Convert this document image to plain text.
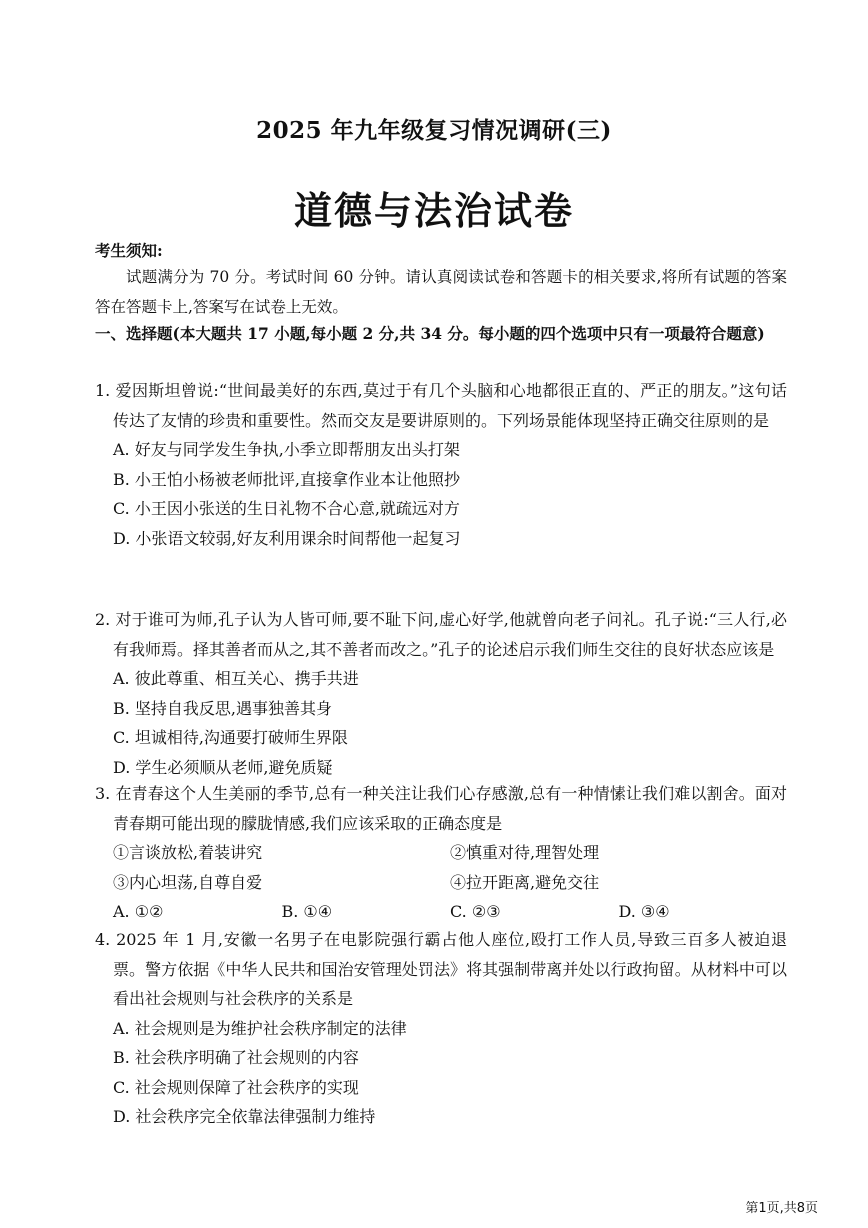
2025 年九年级复习情况调研(三)
道德与法治试卷
考生须知:
试题满分为 70 分。考试时间 60 分钟。请认真阅读试卷和答题卡的相关要求,将所有试题的答案答在答题卡上,答案写在试卷上无效。
一、选择题(本大题共 17 小题,每小题 2 分,共 34 分。每小题的四个选项中只有一项最符合题意)

1. 爱因斯坦曾说:“世间最美好的东西,莫过于有几个头脑和心地都很正直的、严正的朋友。”这句话传达了友情的珍贵和重要性。然而交友是要讲原则的。下列场景能体现坚持正确交往原则的是

A. 好友与同学发生争执,小季立即帮朋友出头打架

B. 小王怕小杨被老师批评,直接拿作业本让他照抄

C. 小王因小张送的生日礼物不合心意,就疏远对方

D. 小张语文较弱,好友利用课余时间帮他一起复习

2. 对于谁可为师,孔子认为人皆可师,要不耻下问,虚心好学,他就曾向老子问礼。孔子说:“三人行,必有我师焉。择其善者而从之,其不善者而改之。”孔子的论述启示我们师生交往的良好状态应该是

A. 彼此尊重、相互关心、携手共进

B. 坚持自我反思,遇事独善其身

C. 坦诚相待,沟通要打破师生界限

D. 学生必须顺从老师,避免质疑

3. 在青春这个人生美丽的季节,总有一种关注让我们心存感激,总有一种情愫让我们难以割舍。面对青春期可能出现的朦胧情感,我们应该采取的正确态度是

①言谈放松,着装讲究	②慎重对待,理智处理
③内心坦荡,自尊自爱	④拉开距离,避免交往
A. ①②	B. ①④	C. ②③	D. ③④

4. 2025 年 1 月,安徽一名男子在电影院强行霸占他人座位,殴打工作人员,导致三百多人被迫退票。警方依据《中华人民共和国治安管理处罚法》将其强制带离并处以行政拘留。从材料中可以看出社会规则与社会秩序的关系是

A. 社会规则是为维护社会秩序制定的法律

B. 社会秩序明确了社会规则的内容

C. 社会规则保障了社会秩序的实现

D. 社会秩序完全依靠法律强制力维持

第1页,共8页
